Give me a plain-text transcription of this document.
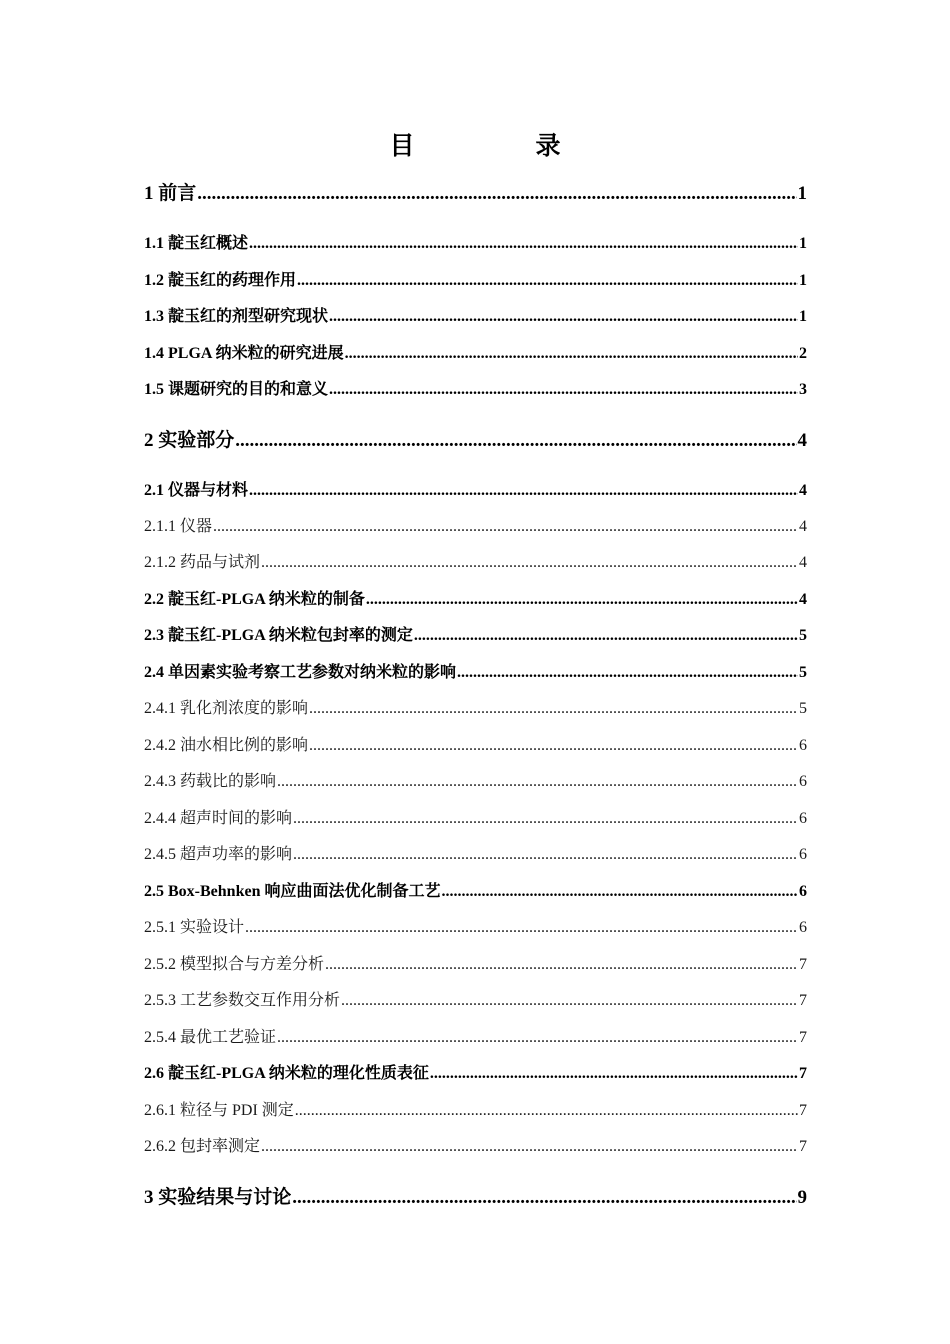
目　录
1 前言 .....	1
1.1 靛玉红概述 .....	1
1.2 靛玉红的药理作用 .....	1
1.3 靛玉红的剂型研究现状 .....	1
1.4 PLGA 纳米粒的研究进展 .....	2
1.5 课题研究的目的和意义 .....	3
2 实验部分 .....	4
2.1 仪器与材料 .....	4
2.1.1 仪器 .....	4
2.1.2 药品与试剂 .....	4
2.2 靛玉红-PLGA 纳米粒的制备 .....	4
2.3 靛玉红-PLGA 纳米粒包封率的测定 .....	5
2.4 单因素实验考察工艺参数对纳米粒的影响 .....	5
2.4.1 乳化剂浓度的影响 .....	5
2.4.2 油水相比例的影响 .....	6
2.4.3 药载比的影响 .....	6
2.4.4 超声时间的影响 .....	6
2.4.5 超声功率的影响 .....	6
2.5 Box-Behnken 响应曲面法优化制备工艺 .....	6
2.5.1 实验设计 .....	6
2.5.2 模型拟合与方差分析 .....	7
2.5.3 工艺参数交互作用分析 .....	7
2.5.4 最优工艺验证 .....	7
2.6 靛玉红-PLGA 纳米粒的理化性质表征 .....	7
2.6.1 粒径与 PDI 测定 .....	7
2.6.2 包封率测定 .....	7
3 实验结果与讨论 .....	9
